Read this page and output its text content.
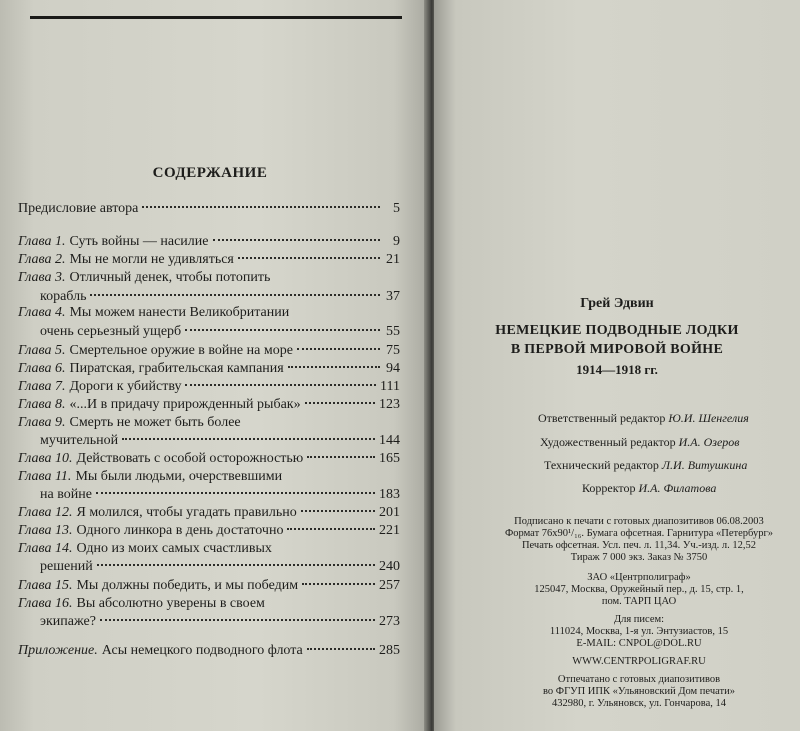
СОДЕРЖАНИЕ
Предисловие автора	5
Глава 1. Суть войны — насилие	9
Глава 2. Мы не могли не удивляться	21
Глава 3. Отличный денек, чтобы потопить
корабль	37
Глава 4. Мы можем нанести Великобритании
очень серьезный ущерб	55
Глава 5. Смертельное оружие в войне на море	75
Глава 6. Пиратская, грабительская кампания	94
Глава 7. Дороги к убийству	111
Глава 8. «...И в придачу прирожденный рыбак»	123
Глава 9. Смерть не может быть более
мучительной	144
Глава 10. Действовать с особой осторожностью	165
Глава 11. Мы были людьми, очерствевшими
на войне	183
Глава 12. Я молился, чтобы угадать правильно	201
Глава 13. Одного линкора в день достаточно	221
Глава 14. Одно из моих самых счастливых
решений	240
Глава 15. Мы должны победить, и мы победим	257
Глава 16. Вы абсолютно уверены в своем
экипаже?	273
Приложение. Асы немецкого подводного флота	285
Грей Эдвин
НЕМЕЦКИЕ ПОДВОДНЫЕ ЛОДКИ
В ПЕРВОЙ МИРОВОЙ ВОЙНЕ
1914—1918 гг.
Ответственный редактор Ю.И. Шенгелия
Художественный редактор И.А. Озеров
Технический редактор Л.И. Витушкина
Корректор И.А. Филатова
Подписано к печати с готовых диапозитивов 06.08.2003
Формат 76х90¹/₁₆. Бумага офсетная. Гарнитура «Петербург»
Печать офсетная. Усл. печ. л. 11,34. Уч.-изд. л. 12,52
Тираж 7 000 экз. Заказ № 3750
ЗАО «Центрполиграф»
125047, Москва, Оружейный пер., д. 15, стр. 1,
пом. ТАРП ЦАО
Для писем:
111024, Москва, 1-я ул. Энтузиастов, 15
E-MAIL: CNPOL@DOL.RU
WWW.CENTRPOLIGRAF.RU
Отпечатано с готовых диапозитивов
во ФГУП ИПК «Ульяновский Дом печати»
432980, г. Ульяновск, ул. Гончарова, 14
